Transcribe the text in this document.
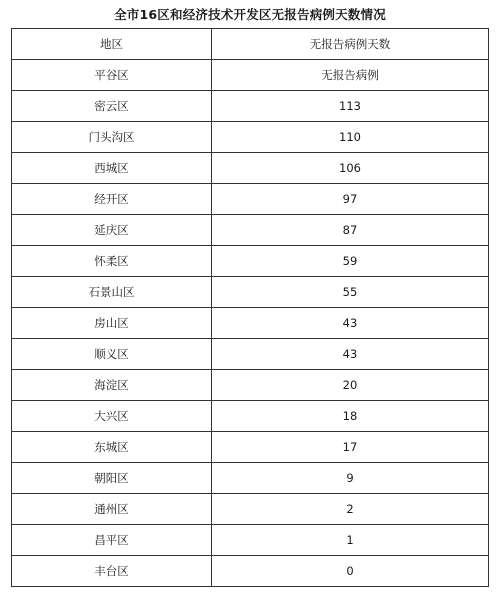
全市16区和经济技术开发区无报告病例天数情况
地区	无报告病例天数
平谷区	无报告病例
密云区	113
门头沟区	110
西城区	106
经开区	97
延庆区	87
怀柔区	59
石景山区	55
房山区	43
顺义区	43
海淀区	20
大兴区	18
东城区	17
朝阳区	9
通州区	2
昌平区	1
丰台区	0
